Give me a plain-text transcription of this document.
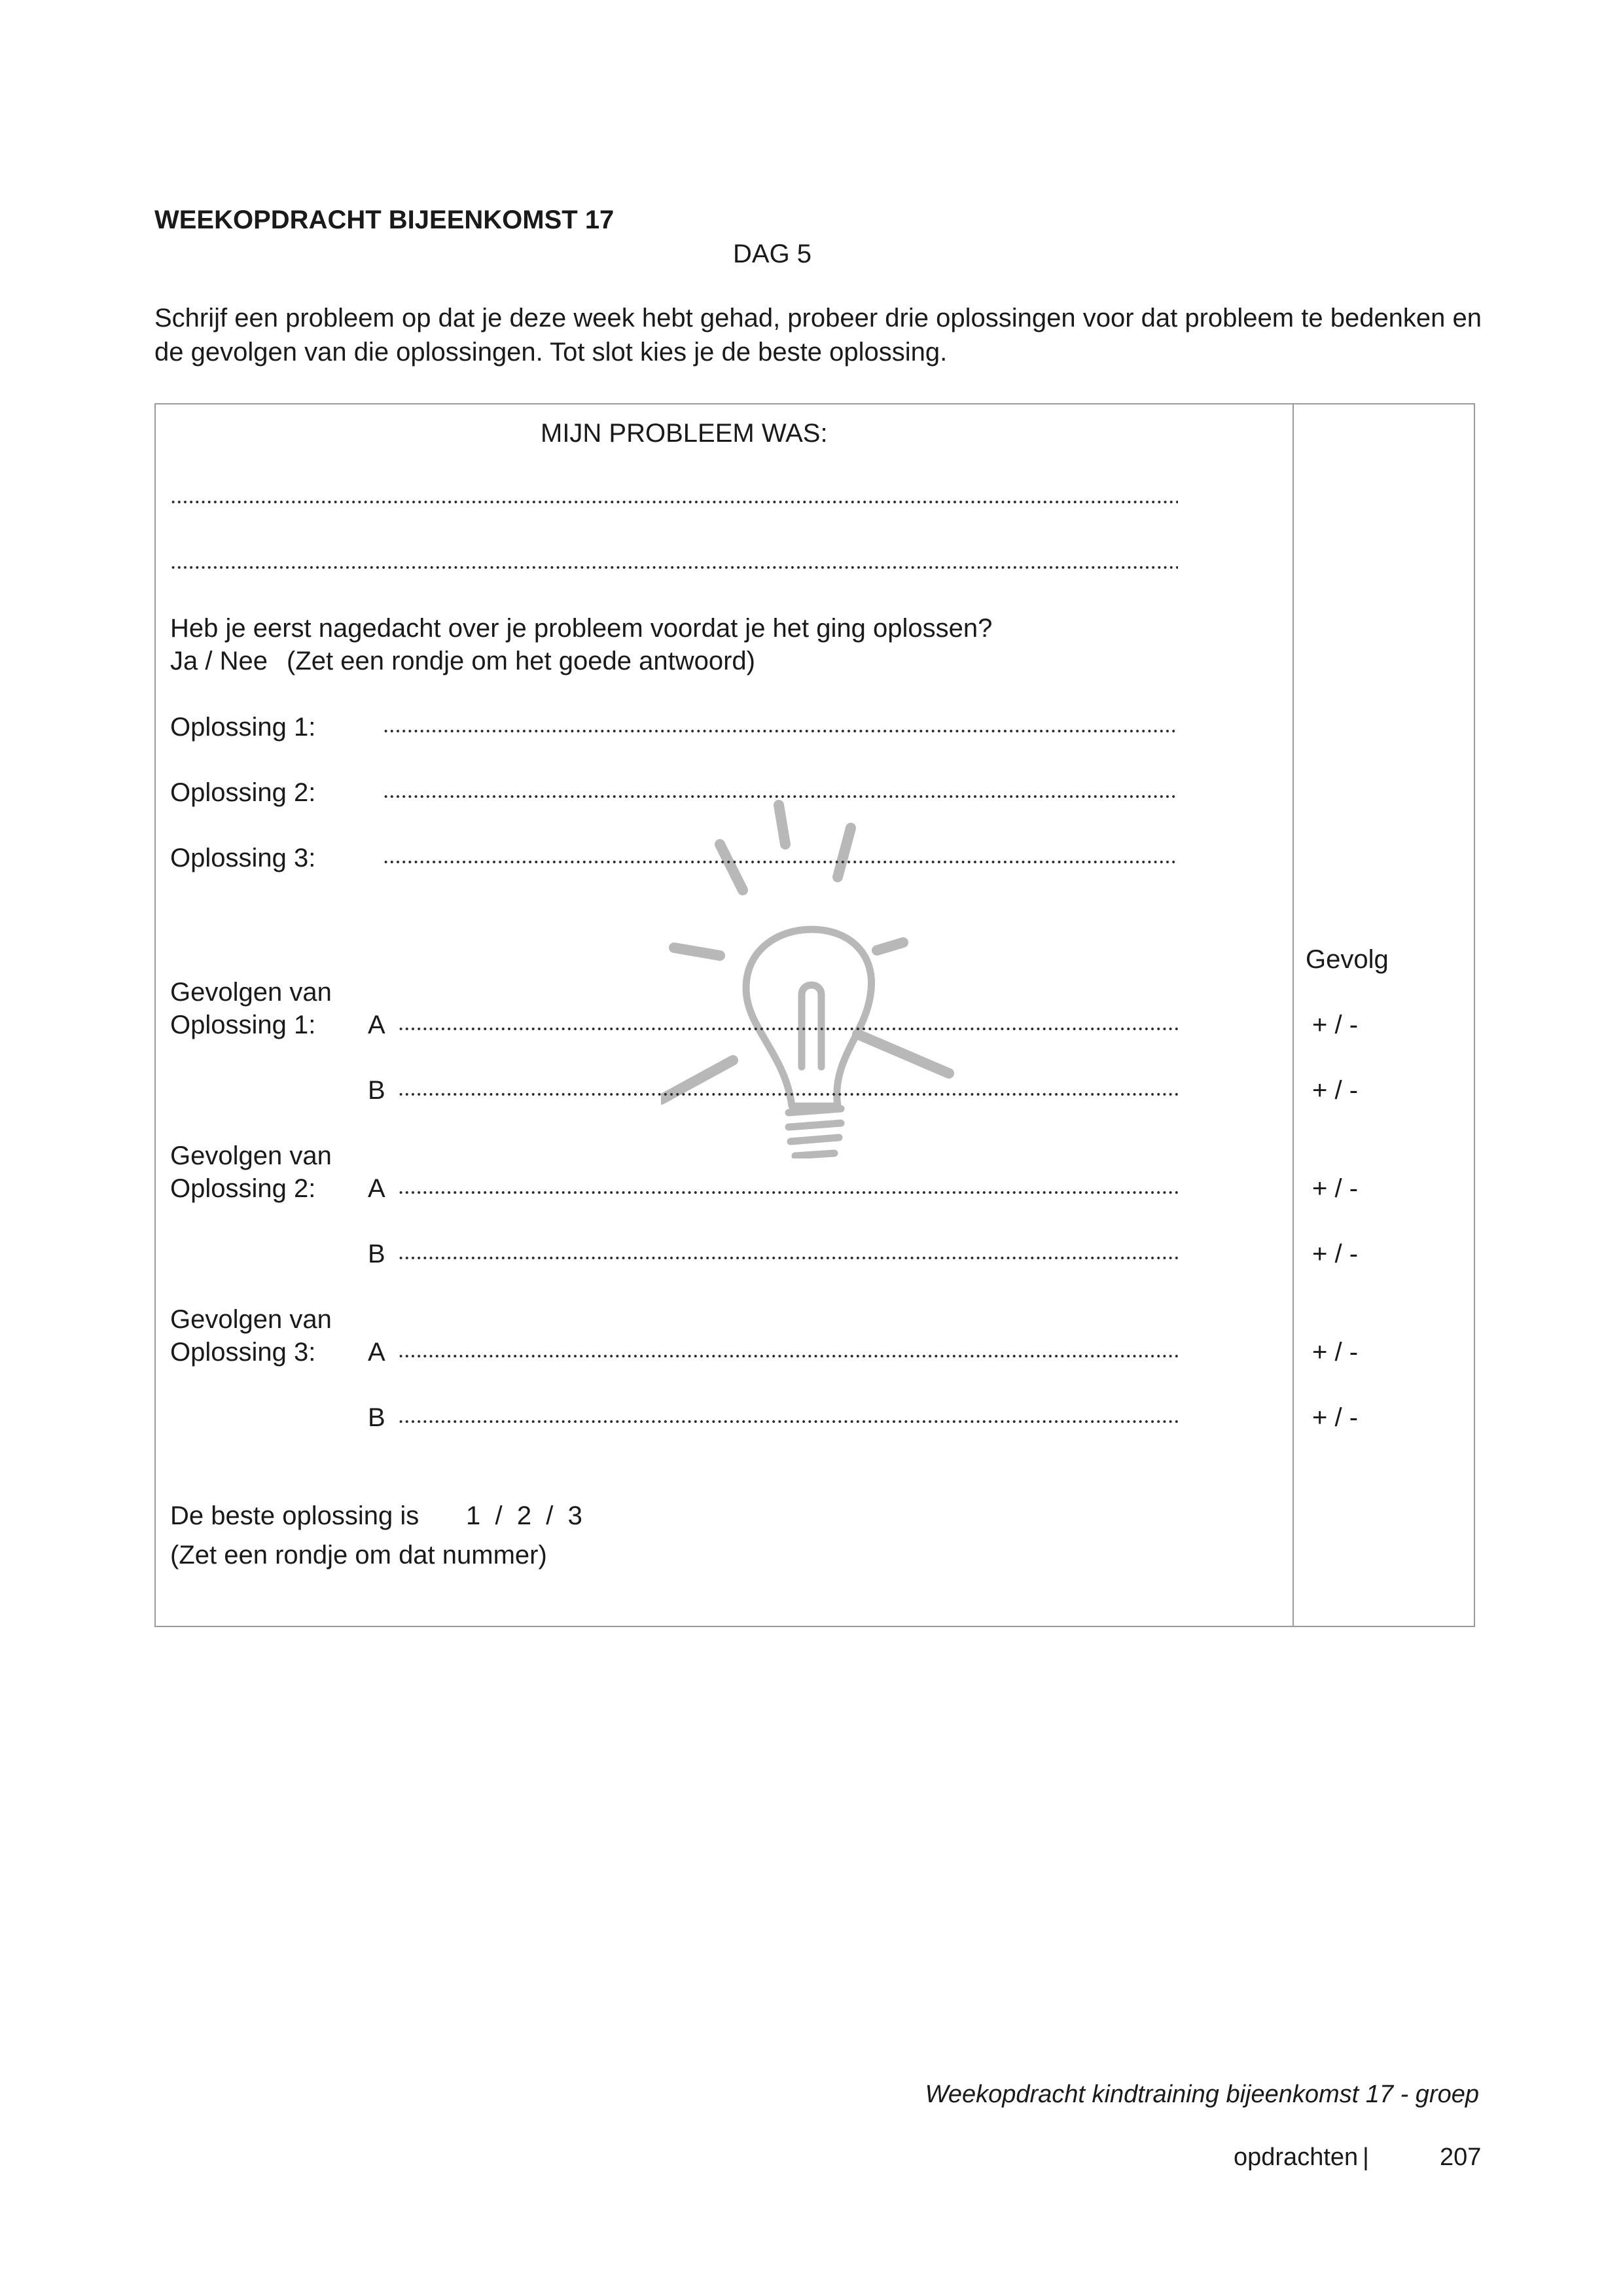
WEEKOPDRACHT BIJEENKOMST 17
DAG 5
Schrijf een probleem op dat je deze week hebt gehad, probeer drie oplossingen voor dat probleem te bedenken en de gevolgen van die oplossingen. Tot slot kies je de beste oplossing.
MIJN PROBLEEM WAS:
Heb je eerst nagedacht over je probleem voordat je het ging oplossen?
Ja / Nee (Zet een rondje om het goede antwoord)
Oplossing 1:
Oplossing 2:
Oplossing 3:
Gevolg
Gevolgen van
Oplossing 1: A	+ / -
B	+ / -
Gevolgen van
Oplossing 2: A	+ / -
B	+ / -
Gevolgen van
Oplossing 3: A	+ / -
B	+ / -
De beste oplossing is 1  /  2  /  3
(Zet een rondje om dat nummer)
Weekopdracht kindtraining bijeenkomst 17 - groep
opdrachten |	207
